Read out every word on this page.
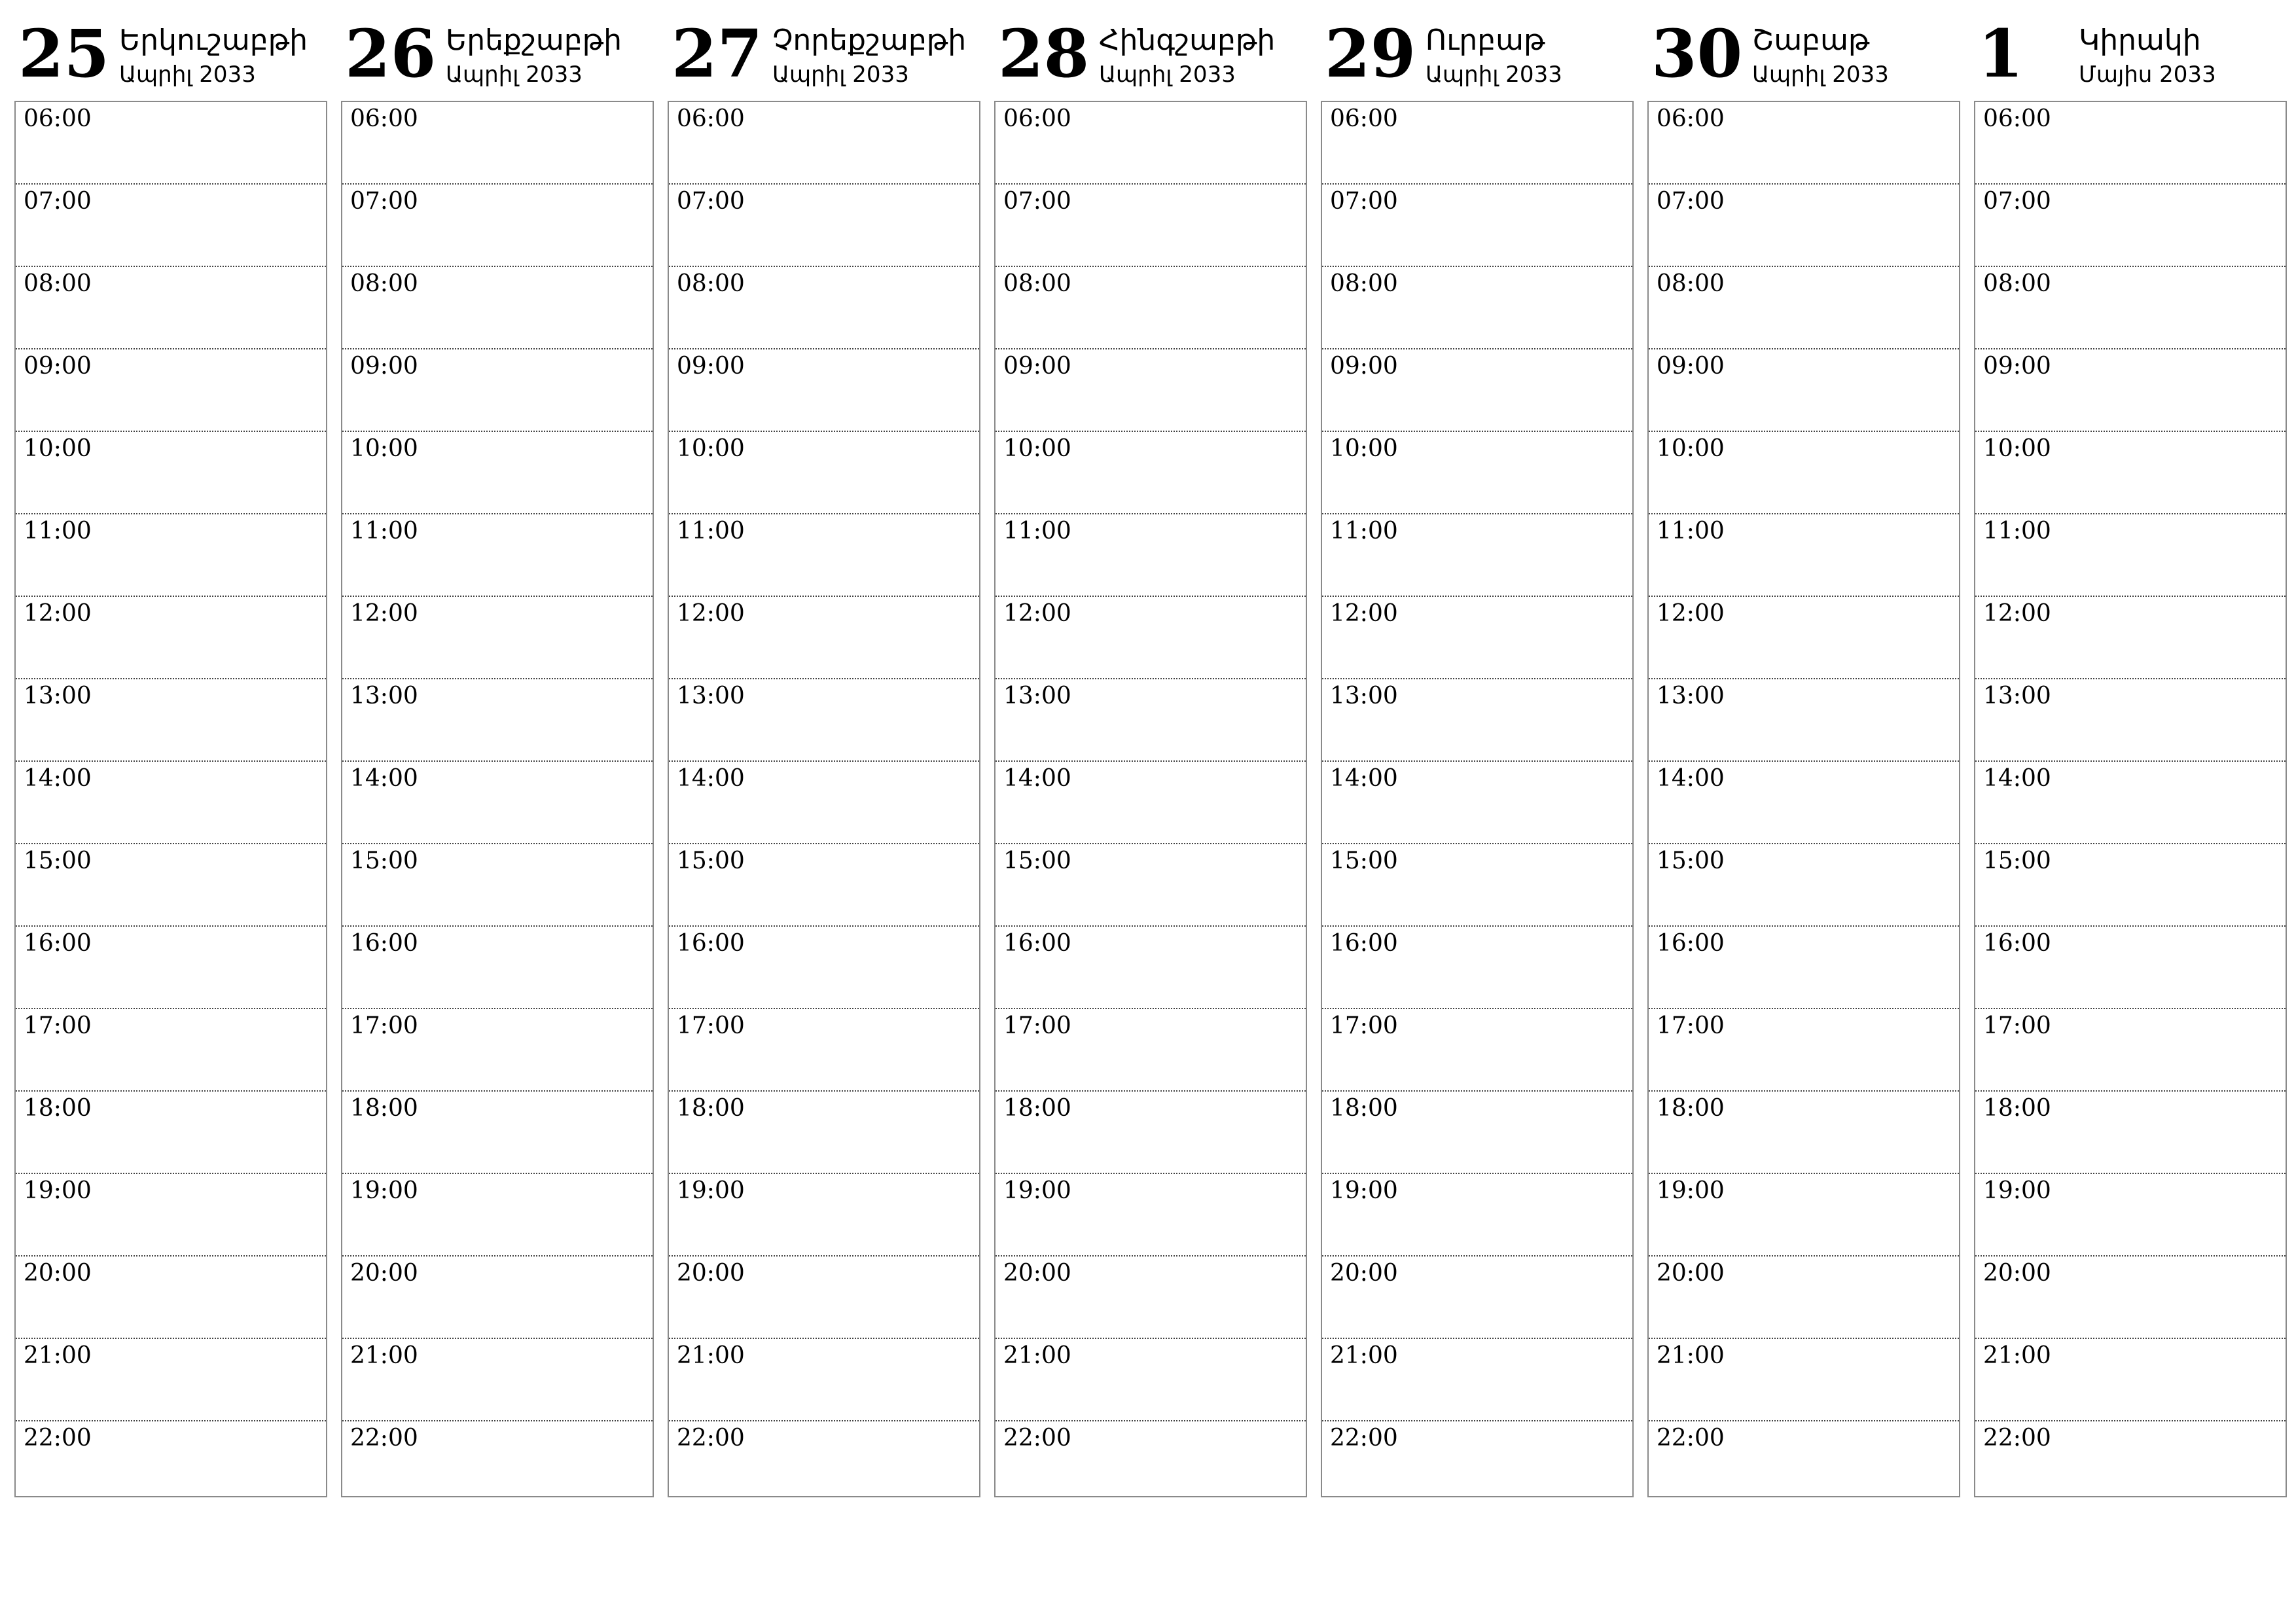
25 Երկուշաբթի
Ապրիլ 2033
06:00
07:00
08:00
09:00
10:00
11:00
12:00
13:00
14:00
15:00
16:00
17:00
18:00
19:00
20:00
21:00
22:00
26 Երեքշաբթի
Ապրիլ 2033
06:00
07:00
08:00
09:00
10:00
11:00
12:00
13:00
14:00
15:00
16:00
17:00
18:00
19:00
20:00
21:00
22:00
27 Չորեքշաբթի
Ապրիլ 2033
06:00
07:00
08:00
09:00
10:00
11:00
12:00
13:00
14:00
15:00
16:00
17:00
18:00
19:00
20:00
21:00
22:00
28 Հինգշաբթի
Ապրիլ 2033
06:00
07:00
08:00
09:00
10:00
11:00
12:00
13:00
14:00
15:00
16:00
17:00
18:00
19:00
20:00
21:00
22:00
29 Ուրբաթ
Ապրիլ 2033
06:00
07:00
08:00
09:00
10:00
11:00
12:00
13:00
14:00
15:00
16:00
17:00
18:00
19:00
20:00
21:00
22:00
30 Շաբաթ
Ապրիլ 2033
06:00
07:00
08:00
09:00
10:00
11:00
12:00
13:00
14:00
15:00
16:00
17:00
18:00
19:00
20:00
21:00
22:00
1 Կիրակի
Մայիս 2033
06:00
07:00
08:00
09:00
10:00
11:00
12:00
13:00
14:00
15:00
16:00
17:00
18:00
19:00
20:00
21:00
22:00
